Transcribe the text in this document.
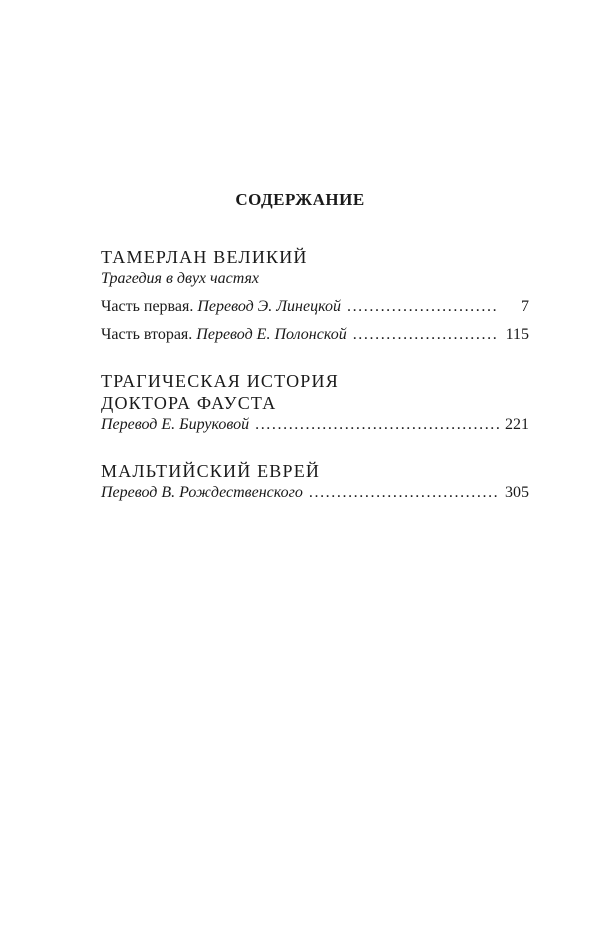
СОДЕРЖАНИЕ
ТАМЕРЛАН ВЕЛИКИЙ
Трагедия в двух частях
Часть первая. Перевод Э. Линецкой . . .	7
Часть вторая. Перевод Е. Полонской . . .	115
ТРАГИЧЕСКАЯ ИСТОРИЯ
ДОКТОРА ФАУСТА
Перевод Е. Бируковой . . .	221
МАЛЬТИЙСКИЙ ЕВРЕЙ
Перевод В. Рождественского . . .	305
